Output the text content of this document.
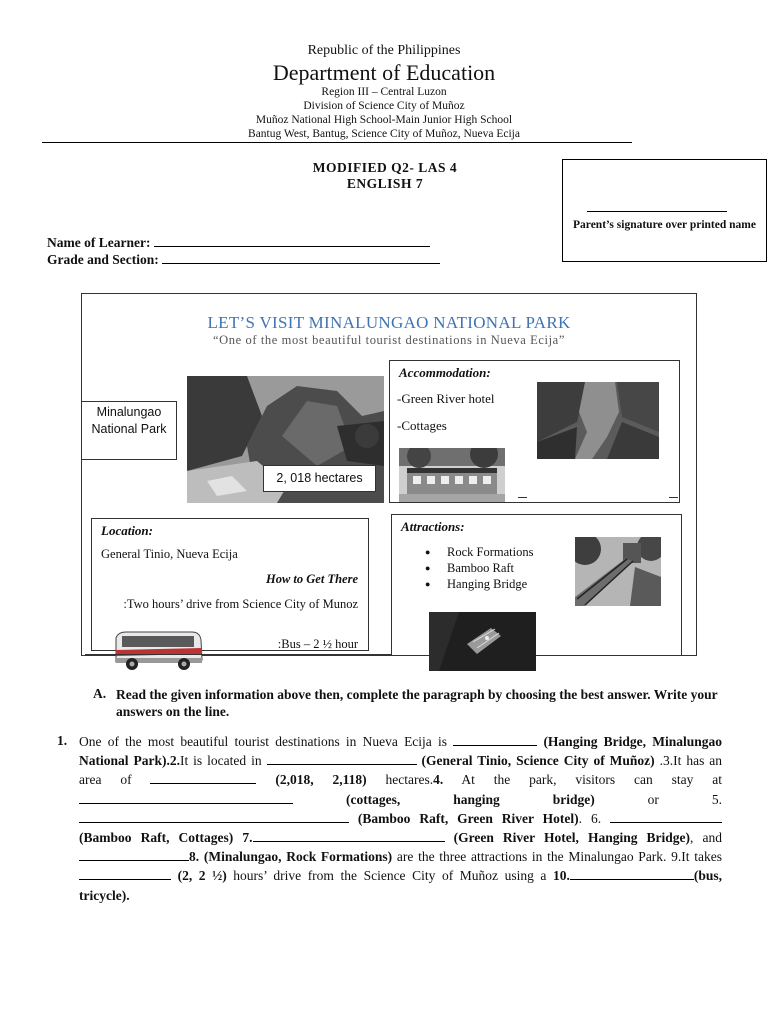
Republic of the Philippines
Department of Education
Region III – Central Luzon
Division of Science City of Muñoz
Muñoz National High School-Main Junior High School
Bantug West, Bantug, Science City of Muñoz, Nueva Ecija
MODIFIED Q2- LAS 4
ENGLISH 7
Parent’s signature over printed name
Name of Learner:
Grade and Section:
LET’S VISIT MINALUNGAO NATIONAL PARK
“One of the most beautiful tourist destinations in Nueva Ecija”
Minalungao National Park
2, 018 hectares
Accommodation:
-Green River hotel
-Cottages
Location:
General Tinio, Nueva Ecija
How to Get There
:Two hours’ drive from Science City of Munoz
:Bus – 2 ½ hour
Attractions:
● Rock Formations
● Bamboo Raft
● Hanging Bridge
A. Read the given information above then, complete the paragraph by choosing the best answer. Write your answers on the line.
1. One of the most beautiful tourist destinations in Nueva Ecija is	(Hanging Bridge, Minalungao National Park).2.It is located in	(General Tinio, Science City of Muñoz) .3.It has an area of	(2,018, 2,118) hectares.4. At the park, visitors can stay at  (cottages, hanging bridge) or 5.  (Bamboo Raft, Green River Hotel). 6.  (Bamboo Raft, Cottages) 7.	(Green River Hotel, Hanging Bridge), and 8. (Minalungao, Rock Formations) are the three attractions in the Minalungao Park. 9.It takes  (2, 2 ½) hours’ drive from the Science City of Muñoz using a 10.	(bus, tricycle).
